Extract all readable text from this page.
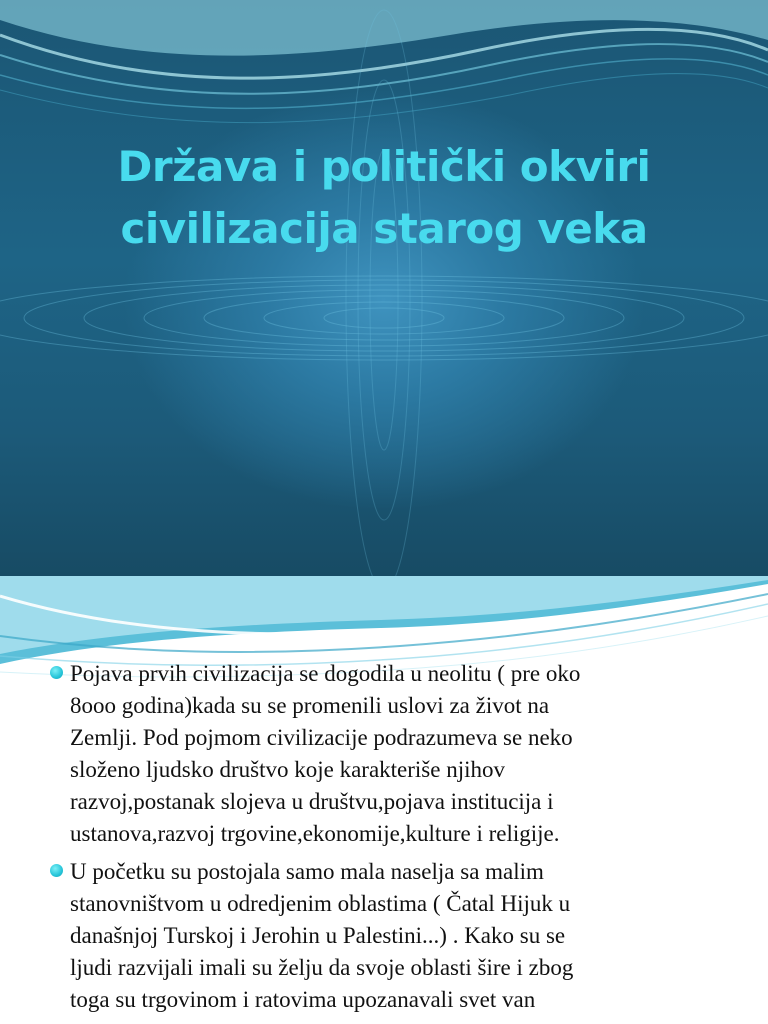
Država i politički okviri
civilizacija starog veka
Pojava prvih civilizacija se dogodila u neolitu ( pre oko
8ooo godina)kada su se promenili uslovi za život na
Zemlji. Pod pojmom civilizacije podrazumeva se neko
složeno ljudsko društvo koje karakteriše njihov
razvoj,postanak slojeva u društvu,pojava institucija i
ustanova,razvoj trgovine,ekonomije,kulture i religije.
U početku su postojala samo mala naselja sa malim
stanovništvom u odredjenim oblastima ( Čatal Hijuk u
današnjoj Turskoj i Jerohin u Palestini...) . Kako su se
ljudi razvijali imali su želju da svoje oblasti šire i zbog
toga su trgovinom i ratovima upozanavali svet van
